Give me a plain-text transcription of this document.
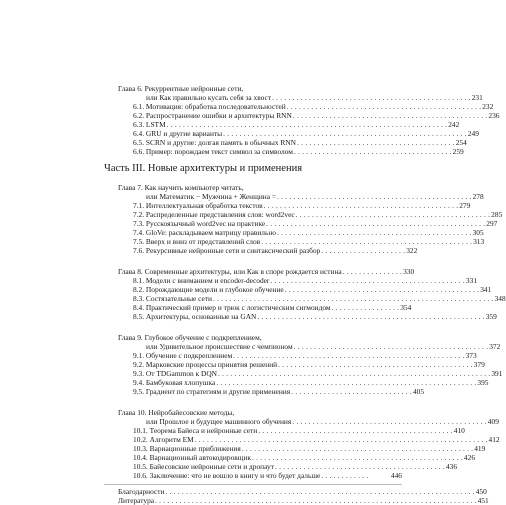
Глава 6. Рекуррентные нейронные сети,
или Как правильно кусать себя за хвост . . . . . . . . . . . . . . . . . . . . . . . . . . . . . . . . . . . . . . . . . . . . . . . . . 231
6.1. Мотивация: обработка последовательностей . . . . . . . . . . . . . . . . . . . . . . . . . . . . . . . . . . . . . . . . . . . . . . . . 232
6.2. Распространение ошибки и архитектуры RNN . . . . . . . . . . . . . . . . . . . . . . . . . . . . . . . . . . . . . . . . . . . . . . . . 236
6.3. LSTM . . . . . . . . . . . . . . . . . . . . . . . . . . . . . . . . . . . . . . . . . . . . . . . . . . . . . . . . . . . . . . . . . . . . . 242
6.4. GRU и другие варианты . . . . . . . . . . . . . . . . . . . . . . . . . . . . . . . . . . . . . . . . . . . . . . . . . . . . . . . . . . . . 249
6.5. SCRN и другие: долгая память в обычных RNN . . . . . . . . . . . . . . . . . . . . . . . . . . . . . . . . . . . . . . . 254
6.6. Пример: порождаем текст символ за символом . . . . . . . . . . . . . . . . . . . . . . . . . . . . . . . . . . . . . . . 259
Часть III. Новые архитектуры и применения
Глава 7. Как научить компьютер читать,
или Математик − Мужчина + Женщина = . . . . . . . . . . . . . . . . . . . . . . . . . . . . . . . . . . . . . . . . . . . . . . . . 278
7.1. Интеллектуальная обработка текстов . . . . . . . . . . . . . . . . . . . . . . . . . . . . . . . . . . . . . . . . . . . . . . . . 279
7.2. Распределенные представления слов: word2vec . . . . . . . . . . . . . . . . . . . . . . . . . . . . . . . . . . . . . . . . . . . . . . . . 285
7.3. Русскоязычный word2vec на практике . . . . . . . . . . . . . . . . . . . . . . . . . . . . . . . . . . . . . . . . . . . . . . . . . . . . . . 297
7.4. GloVe: раскладываем матрицу правильно . . . . . . . . . . . . . . . . . . . . . . . . . . . . . . . . . . . . . . . . . . . . . . . . 305
7.5. Вверх и вниз от представлений слов . . . . . . . . . . . . . . . . . . . . . . . . . . . . . . . . . . . . . . . . . . . . . . . . . . . . 313
7.6. Рекурсивные нейронные сети и синтаксический разбор . . . . . . . . . . . . . . . . . . . . . 322
Глава 8. Современные архитектуры, или Как в споре рождается истина . . . . . . . . . . . . . . . 330
8.1. Модели с вниманием и encoder-decoder . . . . . . . . . . . . . . . . . . . . . . . . . . . . . . . . . . . . . . . . . . . . . . . . 331
8.2. Порождающие модели и глубокое обучение . . . . . . . . . . . . . . . . . . . . . . . . . . . . . . . . . . . . . . . . . . . . . . . . 341
8.3. Состязательные сети . . . . . . . . . . . . . . . . . . . . . . . . . . . . . . . . . . . . . . . . . . . . . . . . . . . . . . . . . . . . . . . . . . . . . 348
8.4. Практический пример и трюк с логистическим сигмоидом . . . . . . . . . . . . . . . . . 354
8.5. Архитектуры, основанные на GAN . . . . . . . . . . . . . . . . . . . . . . . . . . . . . . . . . . . . . . . . . . . . . . . . . . . . . . . . 359
Глава 9. Глубокое обучение с подкреплением,
или Удивительное происшествие с чемпионом . . . . . . . . . . . . . . . . . . . . . . . . . . . . . . . . . . . . . . . . . . . . . . . . 372
9.1. Обучение с подкреплением . . . . . . . . . . . . . . . . . . . . . . . . . . . . . . . . . . . . . . . . . . . . . . . . . . . . . . . . . 373
9.2. Марковские процессы принятия решений . . . . . . . . . . . . . . . . . . . . . . . . . . . . . . . . . . . . . . . . . . . . . . . . 379
9.3. От TDGammon к DQN . . . . . . . . . . . . . . . . . . . . . . . . . . . . . . . . . . . . . . . . . . . . . . . . . . . . . . . . . . . . . . . . . . . 391
9.4. Бамбуковая хлопушка . . . . . . . . . . . . . . . . . . . . . . . . . . . . . . . . . . . . . . . . . . . . . . . . . . . . . . . . . . . . . . . . 395
9.5. Градиент по стратегиям и другие применения . . . . . . . . . . . . . . . . . . . . . . . . . . . . . . 405
Глава 10. Нейробайесовские методы,
или Прошлое и будущее машинного обучения . . . . . . . . . . . . . . . . . . . . . . . . . . . . . . . . . . . . . . . . . . . . . . . . 409
10.1. Теорема Байеса и нейронные сети . . . . . . . . . . . . . . . . . . . . . . . . . . . . . . . . . . . . . . . . . . . . . . . . 410
10.2. Алгоритм EM . . . . . . . . . . . . . . . . . . . . . . . . . . . . . . . . . . . . . . . . . . . . . . . . . . . . . . . . . . . . . . . . . . . . . . . . 412
10.3. Вариационные приближения . . . . . . . . . . . . . . . . . . . . . . . . . . . . . . . . . . . . . . . . . . . . . . . . . . . . . . . . . 419
10.4. Вариационный автокодировщик . . . . . . . . . . . . . . . . . . . . . . . . . . . . . . . . . . . . . . . . . . . . . . . . . . . . 426
10.5. Байесовские нейронные сети и дропаут . . . . . . . . . . . . . . . . . . . . . . . . . . . . . . . . . . . . . . . . . . 436
10.6. Заключение: что не вошло в книгу и что будет дальше . . . . . . . . . . . .	446
Благодарности . . . . . . . . . . . . . . . . . . . . . . . . . . . . . . . . . . . . . . . . . . . . . . . . . . . . . . . . . . . . . . . . . . . . . . . . . . . . 450
Литература . . . . . . . . . . . . . . . . . . . . . . . . . . . . . . . . . . . . . . . . . . . . . . . . . . . . . . . . . . . . . . . . . . . . . . . . . . . . . . . 451
